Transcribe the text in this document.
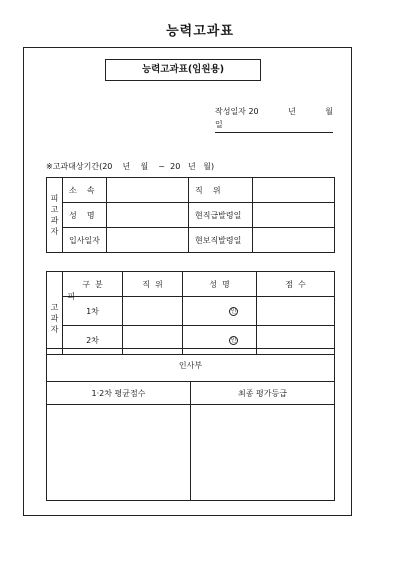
능력고과표
능력고과표(임원용)
작성일자 20	년	월
일
※고과대상기간(20    년    월    ~  20   년   월)
피
고
과
자	소    속		직    위	
	성    명		현직급발령일	
	입사일자		현보직발령일	

피
고
과
자	구  분	직  위	성  명	점  수
	1차		인

	2차		인

인사부	
1·2차 평균점수	최종 평가등급
